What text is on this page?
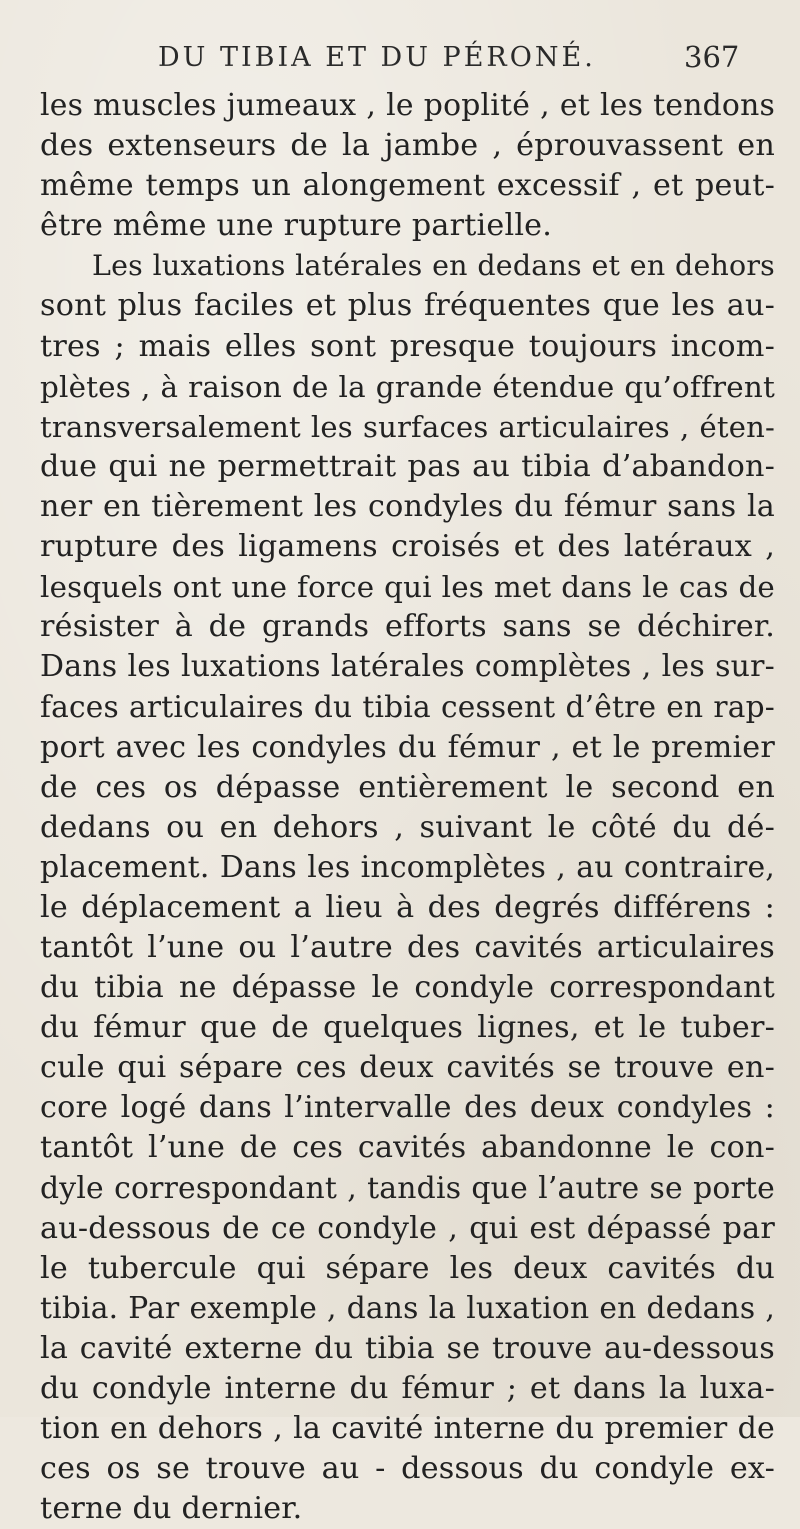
DU TIBIA ET DU PÉRONÉ.	367
les muscles jumeaux , le poplité , et les tendons
des extenseurs de la jambe , éprouvassent en
même temps un alongement excessif , et peut-
être même une rupture partielle.
Les luxations latérales en dedans et en dehors
sont plus faciles et plus fréquentes que les au-
tres ; mais elles sont presque toujours incom-
plètes , à raison de la grande étendue qu’offrent
transversalement les surfaces articulaires , éten-
due qui ne permettrait pas au tibia d’abandon-
ner en tièrement les condyles du fémur sans la
rupture des ligamens croisés et des latéraux ,
lesquels ont une force qui les met dans le cas de
résister à de grands efforts sans se déchirer.
Dans les luxations latérales complètes , les sur-
faces articulaires du tibia cessent d’être en rap-
port avec les condyles du fémur , et le premier
de ces os dépasse entièrement le second en
dedans ou en dehors , suivant le côté du dé-
placement. Dans les incomplètes , au contraire,
le déplacement a lieu à des degrés différens :
tantôt l’une ou l’autre des cavités articulaires
du tibia ne dépasse le condyle correspondant
du fémur que de quelques lignes, et le tuber-
cule qui sépare ces deux cavités se trouve en-
core logé dans l’intervalle des deux condyles :
tantôt l’une de ces cavités abandonne le con-
dyle correspondant , tandis que l’autre se porte
au-dessous de ce condyle , qui est dépassé par
le tubercule qui sépare les deux cavités du
tibia. Par exemple , dans la luxation en dedans ,
la cavité externe du tibia se trouve au-dessous
du condyle interne du fémur ; et dans la luxa-
tion en dehors , la cavité interne du premier de
ces os se trouve au - dessous du condyle ex-
terne du dernier.
